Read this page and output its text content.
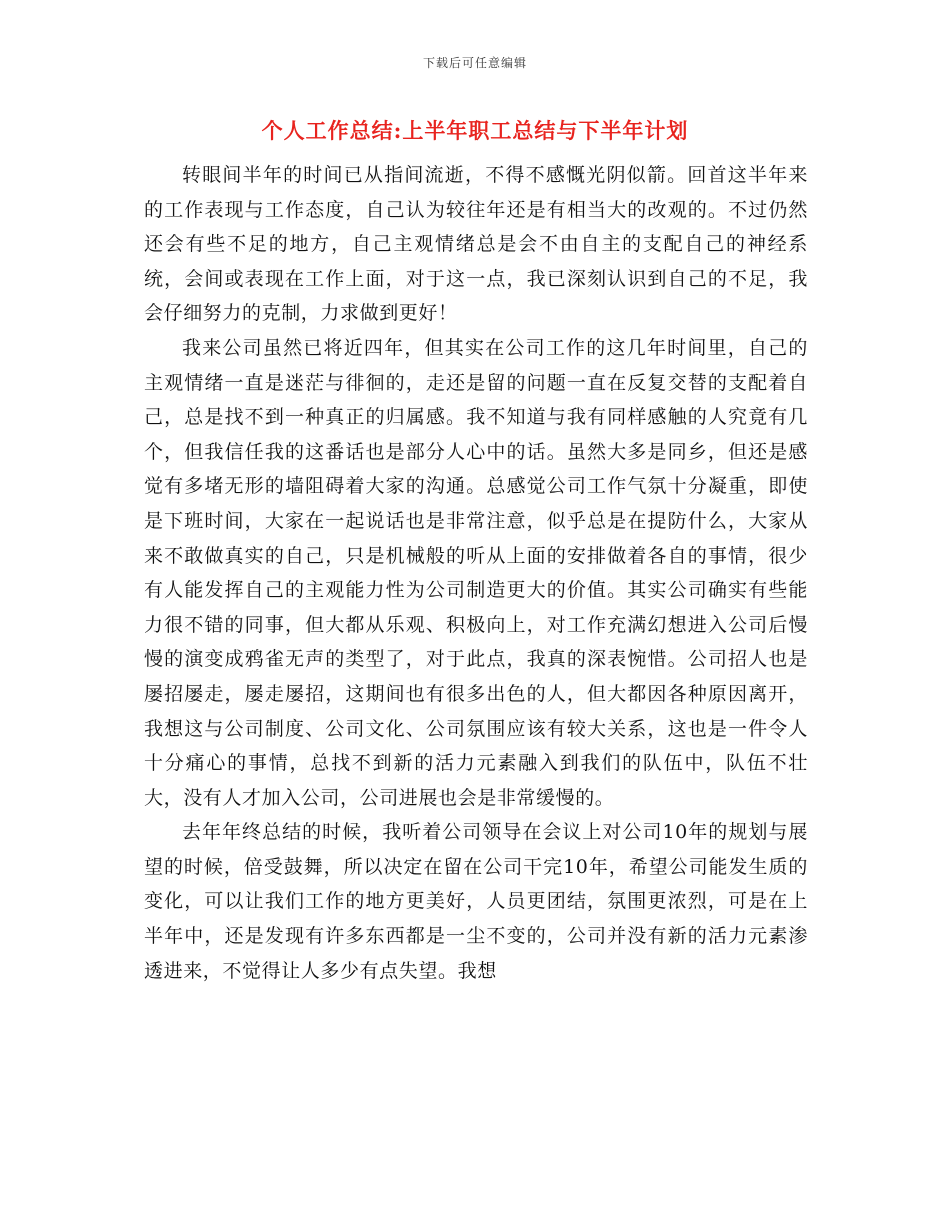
下载后可任意编辑
个人工作总结:上半年职工总结与下半年计划

转眼间半年的时间已从指间流逝，不得不感慨光阴似箭。回首这半年来的工作表现与工作态度，自己认为较往年还是有相当大的改观的。不过仍然还会有些不足的地方，自己主观情绪总是会不由自主的支配自己的神经系统，会间或表现在工作上面，对于这一点，我已深刻认识到自己的不足，我会仔细努力的克制，力求做到更好！

我来公司虽然已将近四年，但其实在公司工作的这几年时间里，自己的主观情绪一直是迷茫与徘徊的，走还是留的问题一直在反复交替的支配着自己，总是找不到一种真正的归属感。我不知道与我有同样感触的人究竟有几个，但我信任我的这番话也是部分人心中的话。虽然大多是同乡，但还是感觉有多堵无形的墙阻碍着大家的沟通。总感觉公司工作气氛十分凝重，即使是下班时间，大家在一起说话也是非常注意，似乎总是在提防什么，大家从来不敢做真实的自己，只是机械般的听从上面的安排做着各自的事情，很少有人能发挥自己的主观能力性为公司制造更大的价值。其实公司确实有些能力很不错的同事，但大都从乐观、积极向上，对工作充满幻想进入公司后慢慢的演变成鸦雀无声的类型了，对于此点，我真的深表惋惜。公司招人也是屡招屡走，屡走屡招，这期间也有很多出色的人，但大都因各种原因离开，我想这与公司制度、公司文化、公司氛围应该有较大关系，这也是一件令人十分痛心的事情，总找不到新的活力元素融入到我们的队伍中，队伍不壮大，没有人才加入公司，公司进展也会是非常缓慢的。

去年年终总结的时候，我听着公司领导在会议上对公司10年的规划与展望的时候，倍受鼓舞，所以决定在留在公司干完10年，希望公司能发生质的变化，可以让我们工作的地方更美好，人员更团结，氛围更浓烈，可是在上半年中，还是发现有许多东西都是一尘不变的，公司并没有新的活力元素渗透进来，不觉得让人多少有点失望。我想
